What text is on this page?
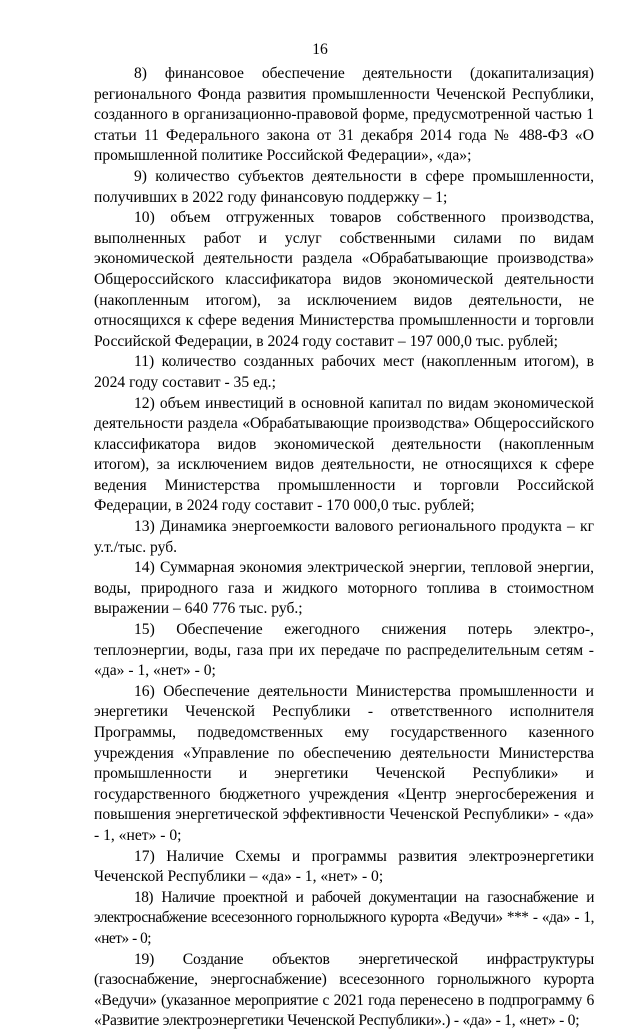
16

8) финансовое обеспечение деятельности (докапитализация) регионального Фонда развития промышленности Чеченской Республики, созданного в организационно-правовой форме, предусмотренной частью 1 статьи 11 Федерального закона от 31 декабря 2014 года № 488-ФЗ «О промышленной политике Российской Федерации», «да»;

9) количество субъектов деятельности в сфере промышленности, получивших в 2022 году финансовую поддержку – 1;

10) объем отгруженных товаров собственного производства, выполненных работ и услуг собственными силами по видам экономической деятельности раздела «Обрабатывающие производства» Общероссийского классификатора видов экономической деятельности (накопленным итогом), за исключением видов деятельности, не относящихся к сфере ведения Министерства промышленности и торговли Российской Федерации, в 2024 году составит – 197 000,0 тыс. рублей;

11) количество созданных рабочих мест (накопленным итогом), в 2024 году составит - 35 ед.;

12) объем инвестиций в основной капитал по видам экономической деятельности раздела «Обрабатывающие производства» Общероссийского классификатора видов экономической деятельности (накопленным итогом), за исключением видов деятельности, не относящихся к сфере ведения Министерства промышленности и торговли Российской Федерации, в 2024 году составит - 170 000,0 тыс. рублей;

13) Динамика энергоемкости валового регионального продукта – кг у.т./тыс. руб.

14) Суммарная экономия электрической энергии, тепловой энергии, воды, природного газа и жидкого моторного топлива в стоимостном выражении – 640 776 тыс. руб.;

15) Обеспечение ежегодного снижения потерь электро-, теплоэнергии, воды, газа при их передаче по распределительным сетям - «да» - 1, «нет» - 0;

16) Обеспечение деятельности Министерства промышленности и энергетики Чеченской Республики - ответственного исполнителя Программы, подведомственных ему государственного казенного учреждения «Управление по обеспечению деятельности Министерства промышленности и энергетики Чеченской Республики» и государственного бюджетного учреждения «Центр энергосбережения и повышения энергетической эффективности Чеченской Республики» - «да» - 1, «нет» - 0;

17) Наличие Схемы и программы развития электроэнергетики Чеченской Республики – «да» - 1, «нет» - 0;

18) Наличие проектной и рабочей документации на газоснабжение и электроснабжение всесезонного горнолыжного курорта «Ведучи» *** - «да» - 1, «нет» - 0;

19) Создание объектов энергетической инфраструктуры (газоснабжение, энергоснабжение) всесезонного горнолыжного курорта «Ведучи» (указанное мероприятие с 2021 года перенесено в подпрограмму 6 «Развитие электроэнергетики Чеченской Республики».) - «да» - 1, «нет» - 0;
